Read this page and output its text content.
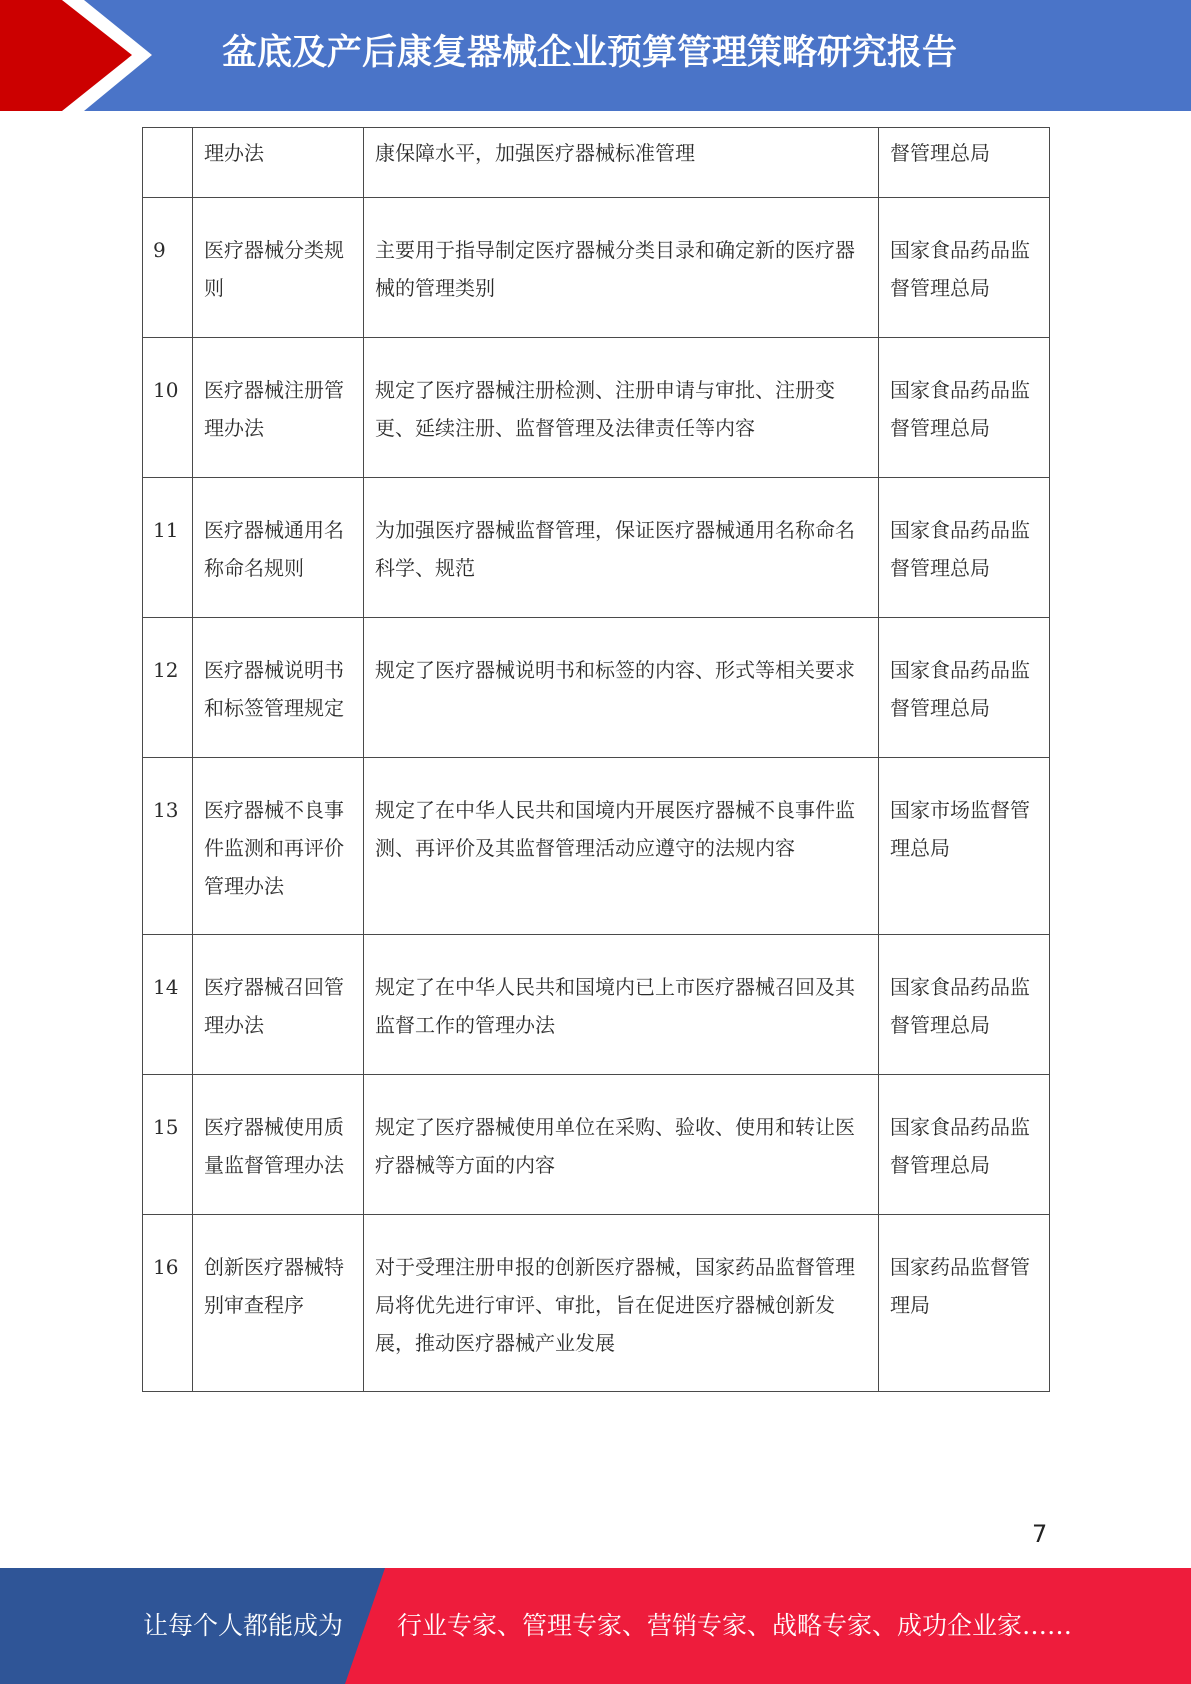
盆底及产后康复器械企业预算管理策略研究报告
	理办法	康保障水平，加强医疗器械标准管理	督管理总局
9	医疗器械分类规则	主要用于指导制定医疗器械分类目录和确定新的医疗器械的管理类别	国家食品药品监督管理总局
10	医疗器械注册管理办法	规定了医疗器械注册检测、注册申请与审批、注册变更、延续注册、监督管理及法律责任等内容	国家食品药品监督管理总局
11	医疗器械通用名称命名规则	为加强医疗器械监督管理，保证医疗器械通用名称命名科学、规范	国家食品药品监督管理总局
12	医疗器械说明书和标签管理规定	规定了医疗器械说明书和标签的内容、形式等相关要求	国家食品药品监督管理总局
13	医疗器械不良事件监测和再评价管理办法	规定了在中华人民共和国境内开展医疗器械不良事件监测、再评价及其监督管理活动应遵守的法规内容	国家市场监督管理总局
14	医疗器械召回管理办法	规定了在中华人民共和国境内已上市医疗器械召回及其监督工作的管理办法	国家食品药品监督管理总局
15	医疗器械使用质量监督管理办法	规定了医疗器械使用单位在采购、验收、使用和转让医疗器械等方面的内容	国家食品药品监督管理总局
16	创新医疗器械特别审查程序	对于受理注册申报的创新医疗器械，国家药品监督管理局将优先进行审评、审批，旨在促进医疗器械创新发展，推动医疗器械产业发展	国家药品监督管理局
7
让每个人都能成为 行业专家、管理专家、营销专家、战略专家、成功企业家……
